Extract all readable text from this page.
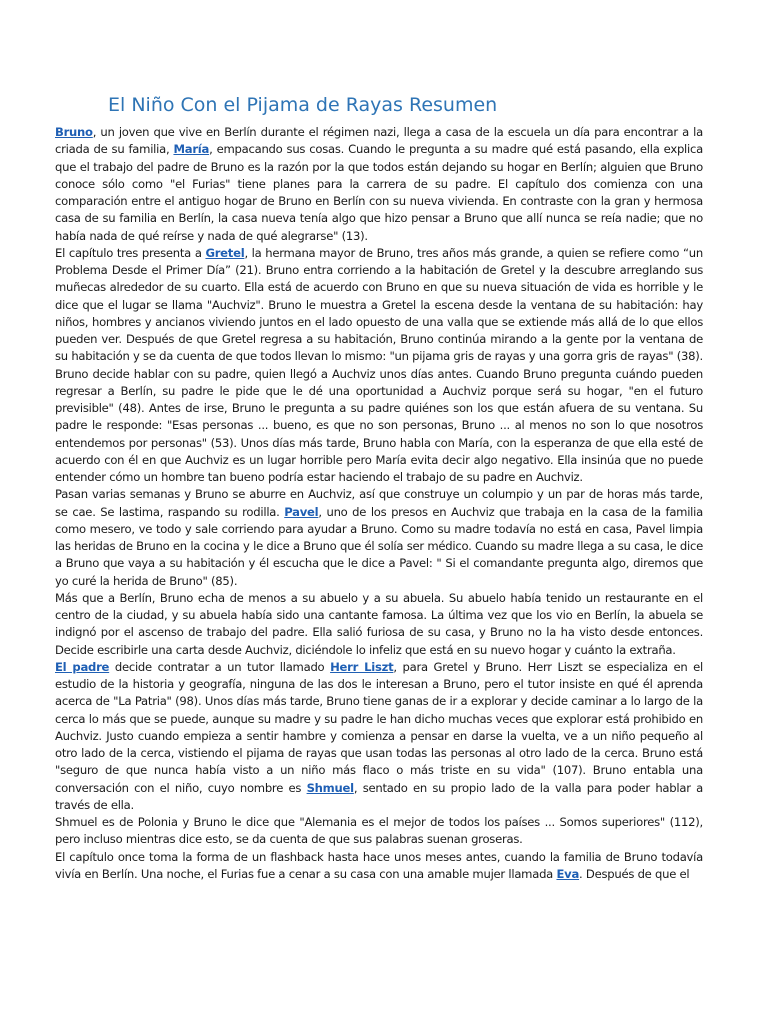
El Niño Con el Pijama de Rayas Resumen

Bruno, un joven que vive en Berlín durante el régimen nazi, llega a casa de la escuela un día para encontrar a la criada de su familia, María, empacando sus cosas. Cuando le pregunta a su madre qué está pasando, ella explica que el trabajo del padre de Bruno es la razón por la que todos están dejando su hogar en Berlín; alguien que Bruno conoce sólo como "el Furias" tiene planes para la carrera de su padre. El capítulo dos comienza con una comparación entre el antiguo hogar de Bruno en Berlín con su nueva vivienda. En contraste con la gran y hermosa casa de su familia en Berlín, la casa nueva tenía algo que hizo pensar a Bruno que allí nunca se reía nadie; que no había nada de qué reírse y nada de qué alegrarse" (13).

El capítulo tres presenta a Gretel, la hermana mayor de Bruno, tres años más grande, a quien se refiere como “un Problema Desde el Primer Día” (21). Bruno entra corriendo a la habitación de Gretel y la descubre arreglando sus muñecas alrededor de su cuarto. Ella está de acuerdo con Bruno en que su nueva situación de vida es horrible y le dice que el lugar se llama "Auchviz". Bruno le muestra a Gretel la escena desde la ventana de su habitación: hay niños, hombres y ancianos viviendo juntos en el lado opuesto de una valla que se extiende más allá de lo que ellos pueden ver. Después de que Gretel regresa a su habitación, Bruno continúa mirando a la gente por la ventana de su habitación y se da cuenta de que todos llevan lo mismo: "un pijama gris de rayas y una gorra gris de rayas" (38).

Bruno decide hablar con su padre, quien llegó a Auchviz unos días antes. Cuando Bruno pregunta cuándo pueden regresar a Berlín, su padre le pide que le dé una oportunidad a Auchviz porque será su hogar, "en el futuro previsible" (48). Antes de irse, Bruno le pregunta a su padre quiénes son los que están afuera de su ventana. Su padre le responde: "Esas personas ... bueno, es que no son personas, Bruno ... al menos no son lo que nosotros entendemos por personas" (53). Unos días más tarde, Bruno habla con María, con la esperanza de que ella esté de acuerdo con él en que Auchviz es un lugar horrible pero María evita decir algo negativo. Ella insinúa que no puede entender cómo un hombre tan bueno podría estar haciendo el trabajo de su padre en Auchviz.

Pasan varias semanas y Bruno se aburre en Auchviz, así que construye un columpio y un par de horas más tarde, se cae. Se lastima, raspando su rodilla. Pavel, uno de los presos en Auchviz que trabaja en la casa de la familia como mesero, ve todo y sale corriendo para ayudar a Bruno. Como su madre todavía no está en casa, Pavel limpia las heridas de Bruno en la cocina y le dice a Bruno que él solía ser médico. Cuando su madre llega a su casa, le dice a Bruno que vaya a su habitación y él escucha que le dice a Pavel: " Si el comandante pregunta algo, diremos que yo curé la herida de Bruno" (85).

Más que a Berlín, Bruno echa de menos a su abuelo y a su abuela. Su abuelo había tenido un restaurante en el centro de la ciudad, y su abuela había sido una cantante famosa. La última vez que los vio en Berlín, la abuela se indignó por el ascenso de trabajo del padre. Ella salió furiosa de su casa, y Bruno no la ha visto desde entonces. Decide escribirle una carta desde Auchviz, diciéndole lo infeliz que está en su nuevo hogar y cuánto la extraña.

El padre decide contratar a un tutor llamado Herr Liszt, para Gretel y Bruno. Herr Liszt se especializa en el estudio de la historia y geografía, ninguna de las dos le interesan a Bruno, pero el tutor insiste en qué él aprenda acerca de "La Patria" (98). Unos días más tarde, Bruno tiene ganas de ir a explorar y decide caminar a lo largo de la cerca lo más que se puede, aunque su madre y su padre le han dicho muchas veces que explorar está prohibido en Auchviz. Justo cuando empieza a sentir hambre y comienza a pensar en darse la vuelta, ve a un niño pequeño al otro lado de la cerca, vistiendo el pijama de rayas que usan todas las personas al otro lado de la cerca. Bruno está "seguro de que nunca había visto a un niño más flaco o más triste en su vida" (107). Bruno entabla una conversación con el niño, cuyo nombre es Shmuel, sentado en su propio lado de la valla para poder hablar a través de ella.

Shmuel es de Polonia y Bruno le dice que "Alemania es el mejor de todos los países ... Somos superiores" (112), pero incluso mientras dice esto, se da cuenta de que sus palabras suenan groseras.

El capítulo once toma la forma de un flashback hasta hace unos meses antes, cuando la familia de Bruno todavía vivía en Berlín. Una noche, el Furias fue a cenar a su casa con una amable mujer llamada Eva. Después de que el
